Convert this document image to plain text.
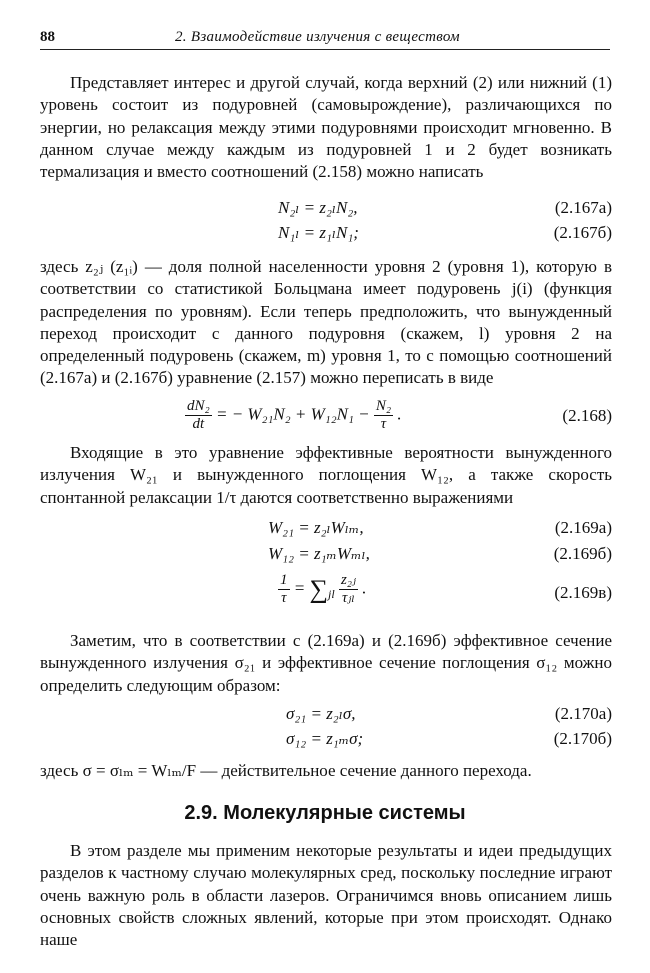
88	2. Взаимодействие излучения с веществом

Представляет интерес и другой случай, когда верхний (2) или нижний (1) уровень состоит из подуровней (самовырождение), различающихся по энергии, но релаксация между этими подуровнями происходит мгновенно. В данном случае между каждым из подуровней 1 и 2 будет возникать термализация и вместо соотношений (2.158) можно написать

N₂ₗ = z₂ₗN₂,	(2.167а)
N₁ₗ = z₁ₗN₁;	(2.167б)

здесь z₂ⱼ (z₁ᵢ) — доля полной населенности уровня 2 (уровня 1), которую в соответствии со статистикой Больцмана имеет подуровень j(i) (функция распределения по уровням). Если теперь предположить, что вынужденный переход происходит с данного подуровня (скажем, l) уровня 2 на определенный подуровень (скажем, m) уровня 1, то с помощью соотношений (2.167а) и (2.167б) уравнение (2.157) можно переписать в виде

$\frac{\text{dN₂}}{dt}$ = − $W_{21}N_2 + W_{12}N_1 - \frac{\text{N₂}}{\tau}$ .	(2.168)

Входящие в это уравнение эффективные вероятности вынужденного излучения W₂₁ и вынужденного поглощения W₁₂, а также скорость спонтанной релаксации 1/τ даются соответственно выражениями

W₂₁ = z₂ₗWₗₘ,	(2.169а)
W₁₂ = z₁ₘWₘₗ,	(2.169б)
$\frac{1}{\tau} = \sum_{jl} \frac{\text{z₂ⱼ}}{\text{τⱼₗ}}$ .	(2.169в)

Заметим, что в соответствии с (2.169а) и (2.169б) эффективное сечение вынужденного излучения σ₂₁ и эффективное сечение поглощения σ₁₂ можно определить следующим образом:

σ₂₁ = z₂ₗσ,	(2.170а)
σ₁₂ = z₁ₘσ;	(2.170б)

здесь σ = σₗₘ = Wₗₘ/F — действительное сечение данного перехода.

2.9. Молекулярные системы

В этом разделе мы применим некоторые результаты и идеи предыдущих разделов к частному случаю молекулярных сред, поскольку последние играют очень важную роль в области лазеров. Ограничимся вновь описанием лишь основных свойств сложных явлений, которые при этом происходят. Однако наше
